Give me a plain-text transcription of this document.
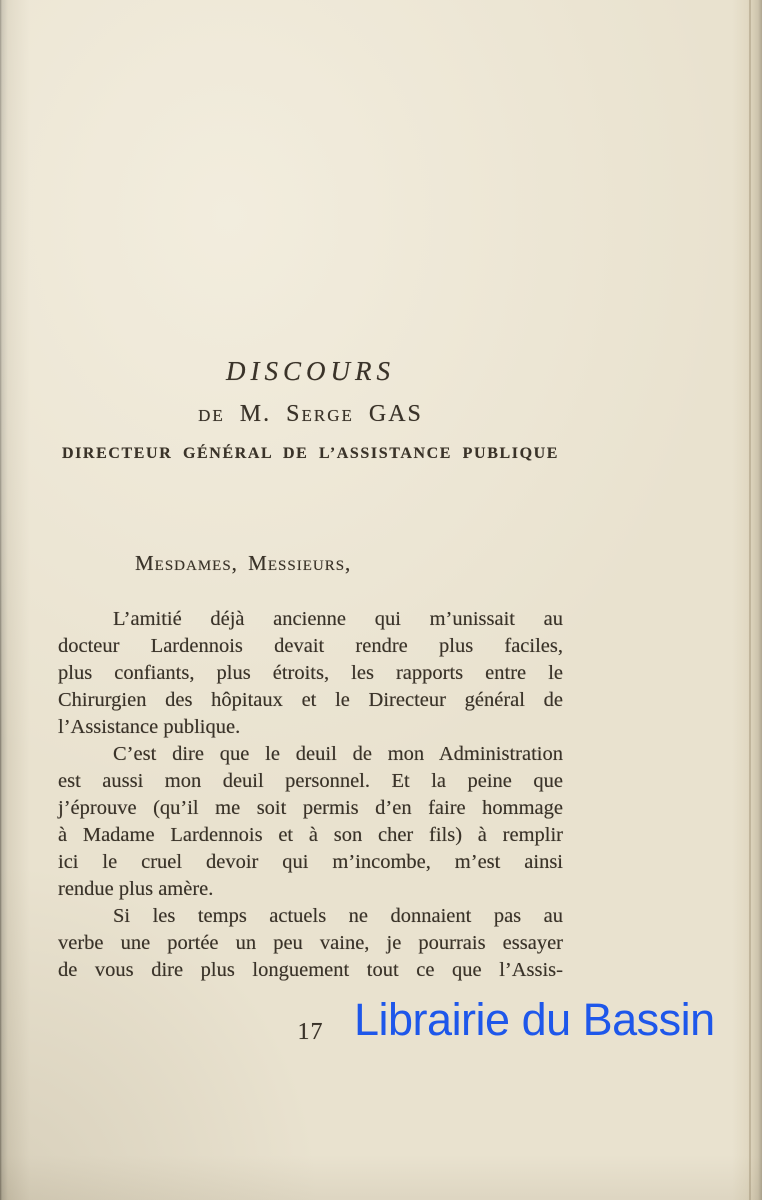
DISCOURS
de M. Serge GAS
DIRECTEUR GÉNÉRAL DE L’ASSISTANCE PUBLIQUE
Mesdames, Messieurs,
L’amitié déjà ancienne qui m’unissait au
docteur Lardennois devait rendre plus faciles,
plus confiants, plus étroits, les rapports entre le
Chirurgien des hôpitaux et le Directeur général de
l’Assistance publique.
C’est dire que le deuil de mon Administration
est aussi mon deuil personnel. Et la peine que
j’éprouve (qu’il me soit permis d’en faire hommage
à Madame Lardennois et à son cher fils) à remplir
ici le cruel devoir qui m’incombe, m’est ainsi
rendue plus amère.
Si les temps actuels ne donnaient pas au
verbe une portée un peu vaine, je pourrais essayer
de vous dire plus longuement tout ce que l’Assis-
17 Librairie du Bassin
